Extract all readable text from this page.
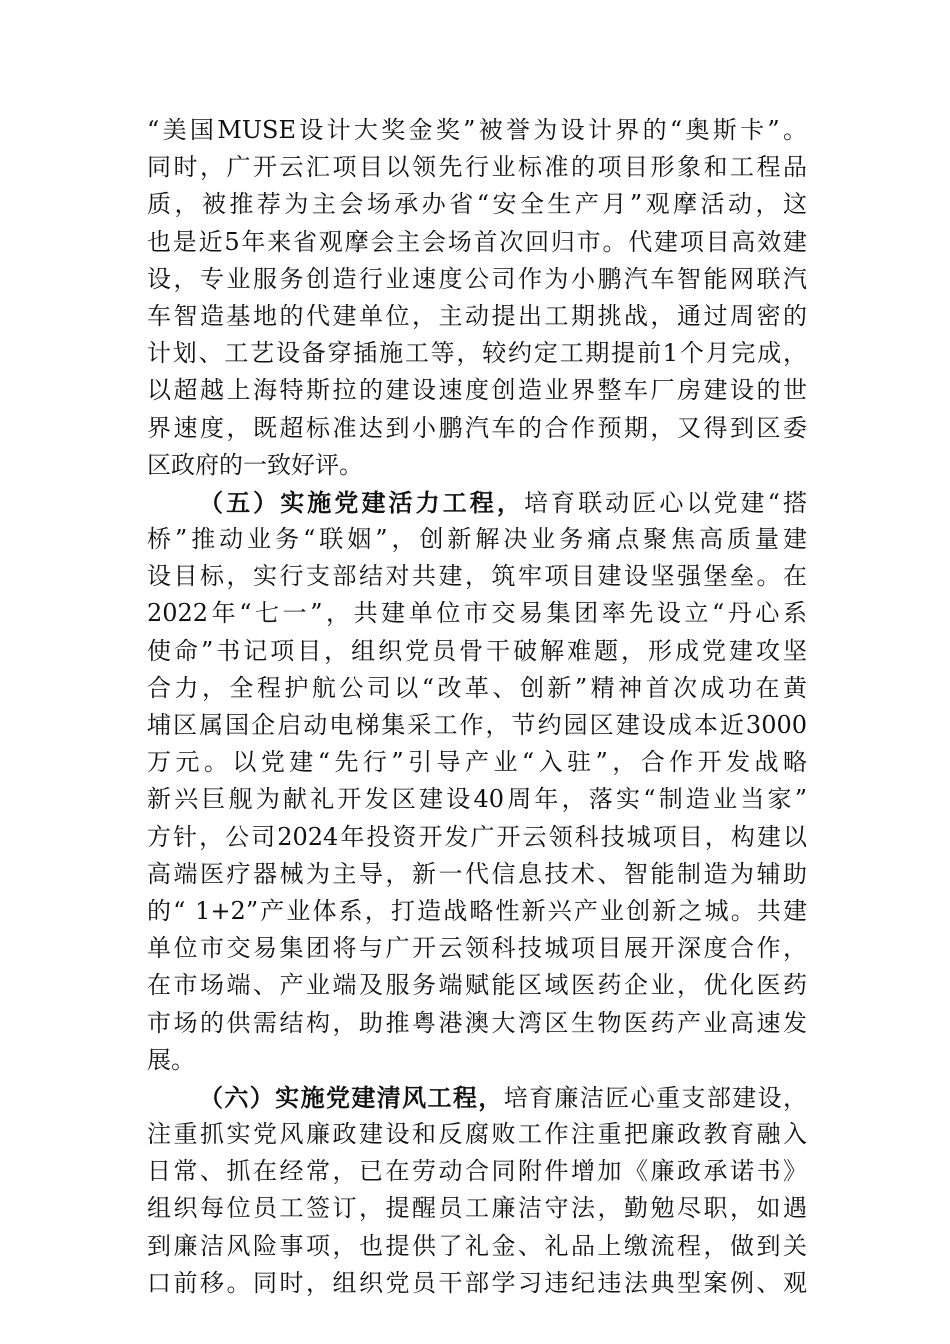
“美国MUSE设计大奖金奖”被誉为设计界的“奥斯卡”。
同时，广开云汇项目以领先行业标准的项目形象和工程品
质，被推荐为主会场承办省“安全生产月”观摩活动，这
也是近5年来省观摩会主会场首次回归市。代建项目高效建
设，专业服务创造行业速度公司作为小鹏汽车智能网联汽
车智造基地的代建单位，主动提出工期挑战，通过周密的
计划、工艺设备穿插施工等，较约定工期提前1个月完成，
以超越上海特斯拉的建设速度创造业界整车厂房建设的世
界速度，既超标准达到小鹏汽车的合作预期，又得到区委
区政府的一致好评。
（五）实施党建活力工程，培育联动匠心以党建“搭
桥”推动业务“联姻”，创新解决业务痛点聚焦高质量建
设目标，实行支部结对共建，筑牢项目建设坚强堡垒。在
2022年“七一”，共建单位市交易集团率先设立“丹心系
使命”书记项目，组织党员骨干破解难题，形成党建攻坚
合力，全程护航公司以“改革、创新”精神首次成功在黄
埔区属国企启动电梯集采工作，节约园区建设成本近3000
万元。以党建“先行”引导产业“入驻”，合作开发战略
新兴巨舰为献礼开发区建设40周年，落实“制造业当家”
方针，公司2024年投资开发广开云领科技城项目，构建以
高端医疗器械为主导，新一代信息技术、智能制造为辅助
的“ 1+2”产业体系，打造战略性新兴产业创新之城。共建
单位市交易集团将与广开云领科技城项目展开深度合作，
在市场端、产业端及服务端赋能区域医药企业，优化医药
市场的供需结构，助推粤港澳大湾区生物医药产业高速发
展。
（六）实施党建清风工程，培育廉洁匠心重支部建设，
注重抓实党风廉政建设和反腐败工作注重把廉政教育融入
日常、抓在经常，已在劳动合同附件增加《廉政承诺书》
组织每位员工签订，提醒员工廉洁守法，勤勉尽职，如遇
到廉洁风险事项，也提供了礼金、礼品上缴流程，做到关
口前移。同时，组织党员干部学习违纪违法典型案例、观
